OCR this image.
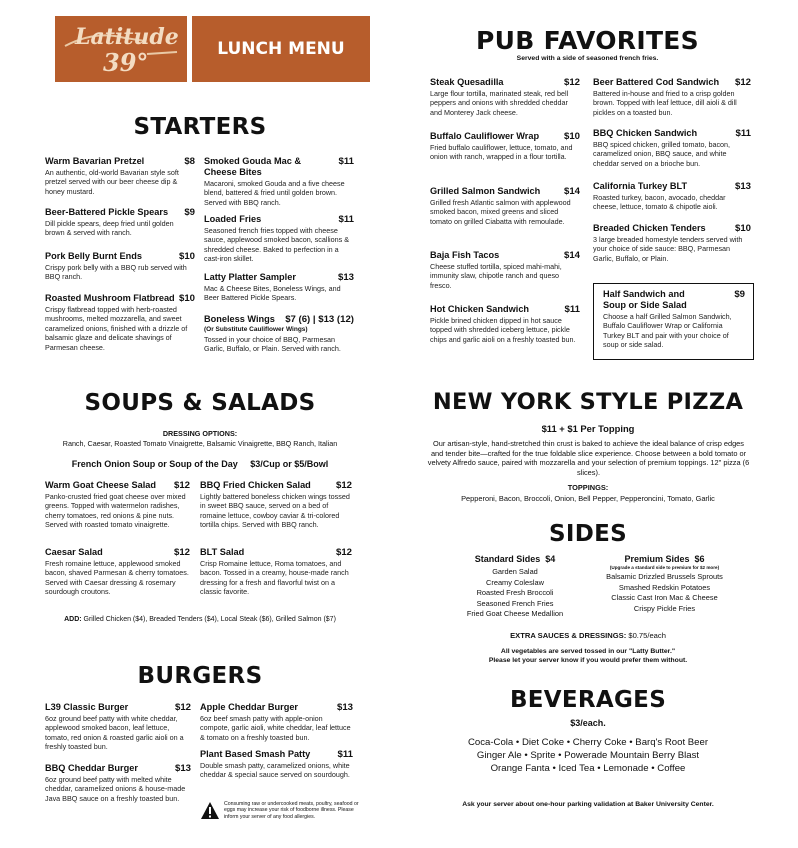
Latitude
39°	LUNCH MENU
STARTERS
Warm Bavarian Pretzel	$8
An authentic, old-world Bavarian style soft pretzel served with our beer cheese dip & honey mustard.
Beer-Battered Pickle Spears	$9
Dill pickle spears, deep fried until golden brown & served with ranch.
Pork Belly Burnt Ends	$10
Crispy pork belly with a BBQ rub served with BBQ ranch.
Roasted Mushroom Flatbread $10
Crispy flatbread topped with herb-roasted mushrooms, melted mozzarella, and sweet caramelized onions, finished with a drizzle of balsamic glaze and delicate shavings of Parmesan cheese.
Smoked Gouda Mac & Cheese Bites
$11
Macaroni, smoked Gouda and a five cheese blend, battered & fried until golden brown. Served with BBQ ranch.
Loaded Fries	$11
Seasoned french fries topped with cheese sauce, applewood smoked bacon, scallions & shredded cheese. Baked to perfection in a cast-iron skillet.
Latty Platter Sampler	$13
Mac & Cheese Bites, Boneless Wings, and Beer Battered Pickle Spears.
Boneless Wings	$7 (6) | $13 (12)
(Or Substitute Cauliflower Wings)
Tossed in your choice of BBQ, Parmesan Garlic, Buffalo, or Plain. Served with ranch.
SOUPS & SALADS
DRESSING OPTIONS:
Ranch, Caesar, Roasted Tomato Vinaigrette, Balsamic Vinaigrette, BBQ Ranch, Italian
French Onion Soup or Soup of the Day     $3/Cup or $5/Bowl
Warm Goat Cheese Salad	$12
Panko-crusted fried goat cheese over mixed greens. Topped with watermelon radishes, cherry tomatoes, red onions & pine nuts. Served with roasted tomato vinaigrette.
Caesar Salad	$12
Fresh romaine lettuce, applewood smoked bacon, shaved Parmesan & cherry tomatoes. Served with Caesar dressing & rosemary sourdough croutons.
BBQ Fried Chicken Salad	$12
Lightly battered boneless chicken wings tossed in sweet BBQ sauce, served on a bed of romaine lettuce, cowboy caviar & tri-colored tortilla chips. Served with BBQ ranch.
BLT Salad	$12
Crisp Romaine lettuce, Roma tomatoes, and bacon. Tossed in a creamy, house-made ranch dressing for a fresh and flavorful twist on a classic favorite.
ADD: Grilled Chicken ($4), Breaded Tenders ($4), Local Steak ($6), Grilled Salmon ($7)
BURGERS
L39 Classic Burger	$12
6oz ground beef patty with white cheddar, applewood smoked bacon, leaf lettuce, tomato, red onion & roasted garlic aioli on a freshly toasted bun.
BBQ Cheddar Burger	$13
6oz ground beef patty with melted white cheddar, caramelized onions & house-made Java BBQ sauce on a freshly toasted bun.
Apple Cheddar Burger	$13
6oz beef smash patty with apple-onion compote, garlic aioli, white cheddar, leaf lettuce & tomato on a freshly toasted bun.
Plant Based Smash Patty	$11
Double smash patty, caramelized onions, white cheddar & special sauce served on sourdough.
Consuming raw or undercooked meats, poultry, seafood or eggs may increase your risk of foodborne illness. Please inform your server of any food allergies.
PUB FAVORITES
Served with a side of seasoned french fries.
Steak Quesadilla	$12
Large flour tortilla, marinated steak, red bell peppers and onions with shredded cheddar and Monterey Jack cheese.
Buffalo Cauliflower Wrap	$10
Fried buffalo cauliflower, lettuce, tomato, and onion with ranch, wrapped in a flour tortilla.
Grilled Salmon Sandwich	$14
Grilled fresh Atlantic salmon with applewood smoked bacon, mixed greens and sliced tomato on grilled Ciabatta with remoulade.
Baja Fish Tacos	$14
Cheese stuffed tortilla, spiced mahi-mahi, immunity slaw, chipotle ranch and queso fresco.
Hot Chicken Sandwich	$11
Pickle brined chicken dipped in hot sauce topped with shredded iceberg lettuce, pickle chips and garlic aioli on a freshly toasted bun.
Beer Battered Cod Sandwich	$12
Battered in-house and fried to a crisp golden brown. Topped with leaf lettuce, dill aioli & dill pickles on a toasted bun.
BBQ Chicken Sandwich	$11
BBQ spiced chicken, grilled tomato, bacon, caramelized onion, BBQ sauce, and white cheddar served on a brioche bun.
California Turkey BLT	$13
Roasted turkey, bacon, avocado, cheddar cheese, lettuce, tomato & chipotle aioli.
Breaded Chicken Tenders	$10
3 large breaded homestyle tenders served with your choice of side sauce: BBQ, Parmesan Garlic, Buffalo, or Plain.
Half Sandwich and Soup or Side Salad
$9
Choose a half Grilled Salmon Sandwich, Buffalo Cauliflower Wrap or California Turkey BLT and pair with your choice of soup or side salad.
NEW YORK STYLE PIZZA
$11 + $1 Per Topping
Our artisan-style, hand-stretched thin crust is baked to achieve the ideal balance of crisp edges and tender bite—crafted for the true foldable slice experience. Choose between a bold tomato or velvety Alfredo sauce, paired with mozzarella and your selection of premium toppings. 12" pizza (6 slices).
TOPPINGS:
Pepperoni, Bacon, Broccoli, Onion, Bell Pepper, Pepperoncini, Tomato, Garlic
SIDES
Standard Sides $4
Garden Salad
Creamy Coleslaw
Roasted Fresh Broccoli
Seasoned French Fries
Fried Goat Cheese Medallion
Premium Sides $6
(Upgrade a standard side to premium for $2 more)
Balsamic Drizzled Brussels Sprouts
Smashed Redskin Potatoes
Classic Cast Iron Mac & Cheese
Crispy Pickle Fries
EXTRA SAUCES & DRESSINGS: $0.75/each
All vegetables are served tossed in our "Latty Butter."
Please let your server know if you would prefer them without.
BEVERAGES
$3/each.
Coca-Cola • Diet Coke • Cherry Coke • Barq's Root Beer
Ginger Ale • Sprite • Powerade Mountain Berry Blast
Orange Fanta • Iced Tea • Lemonade • Coffee
Ask your server about one-hour parking validation at Baker University Center.
